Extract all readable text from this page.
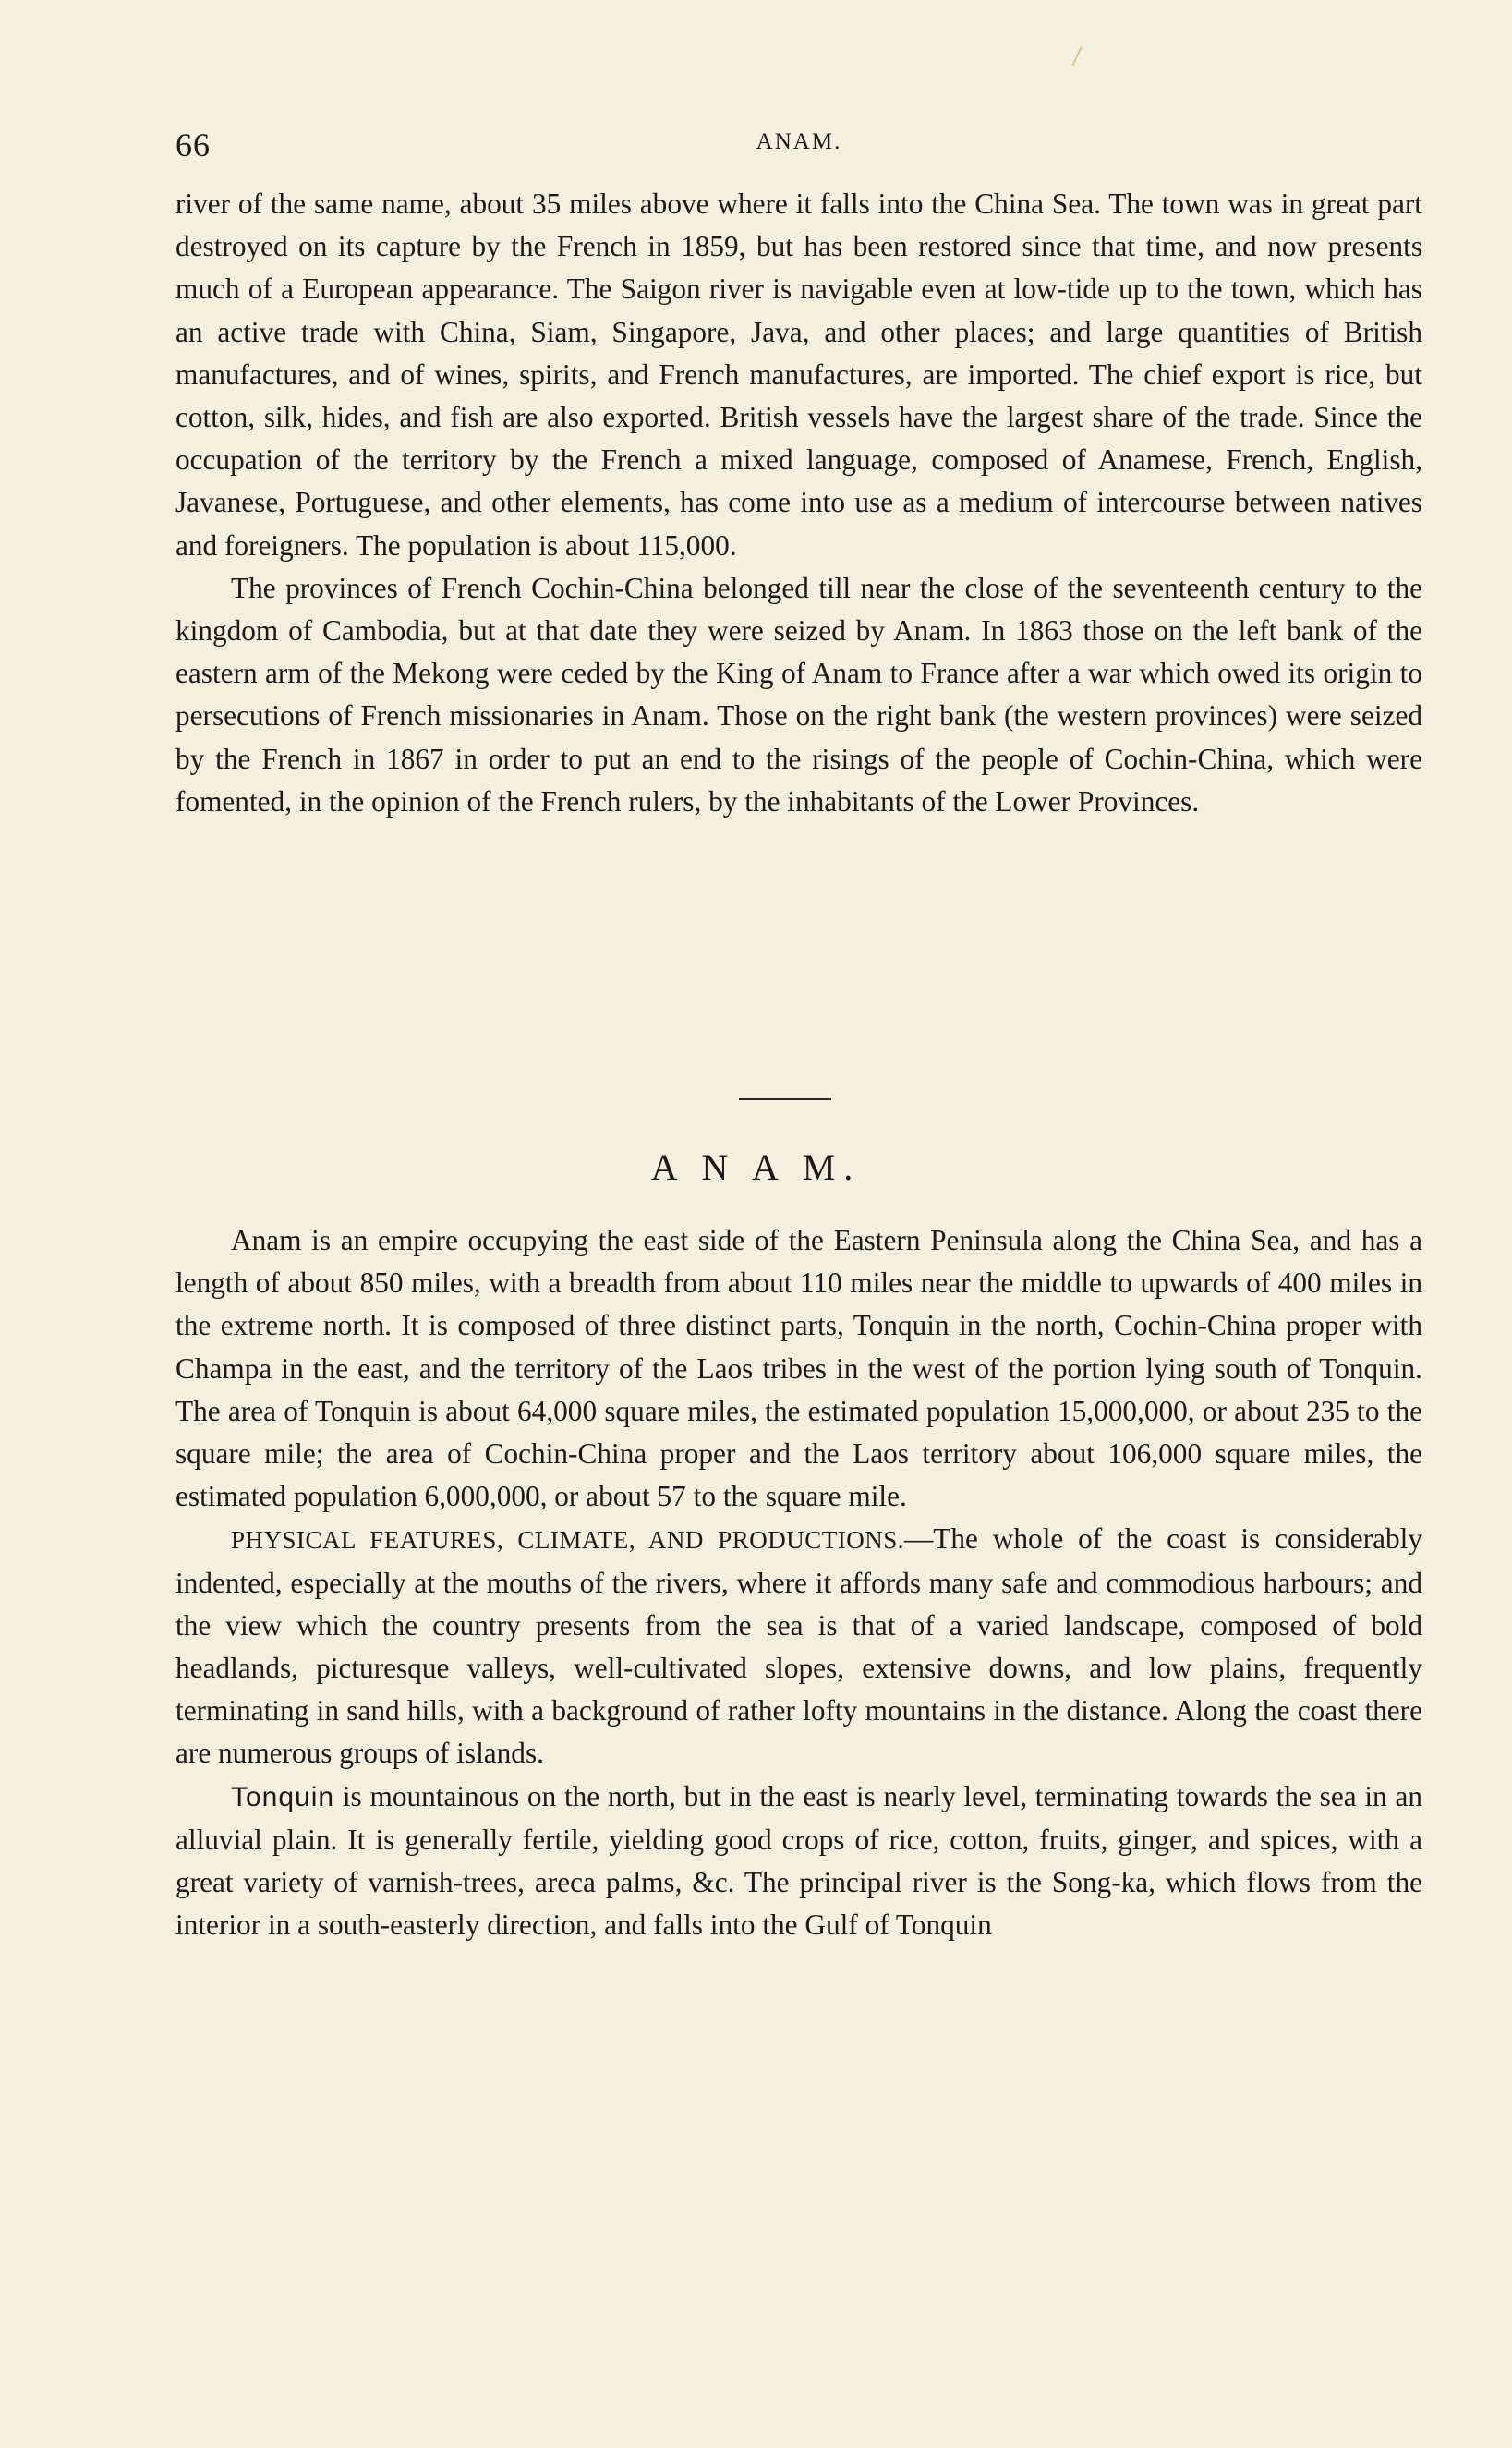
66	ANAM.

river of the same name, about 35 miles above where it falls into the China Sea. The town was in great part destroyed on its capture by the French in 1859, but has been restored since that time, and now presents much of a European appearance. The Saigon river is navigable even at low-tide up to the town, which has an active trade with China, Siam, Singapore, Java, and other places; and large quantities of British manufactures, and of wines, spirits, and French manufactures, are imported. The chief export is rice, but cotton, silk, hides, and fish are also exported. British vessels have the largest share of the trade. Since the occupation of the territory by the French a mixed language, composed of Anamese, French, English, Javanese, Portuguese, and other elements, has come into use as a medium of intercourse between natives and foreigners. The population is about 115,000.

The provinces of French Cochin-China belonged till near the close of the seventeenth century to the kingdom of Cambodia, but at that date they were seized by Anam. In 1863 those on the left bank of the eastern arm of the Mekong were ceded by the King of Anam to France after a war which owed its origin to persecutions of French missionaries in Anam. Those on the right bank (the western provinces) were seized by the French in 1867 in order to put an end to the risings of the people of Cochin-China, which were fomented, in the opinion of the French rulers, by the inhabitants of the Lower Provinces.

A N A M.

Anam is an empire occupying the east side of the Eastern Peninsula along the China Sea, and has a length of about 850 miles, with a breadth from about 110 miles near the middle to upwards of 400 miles in the extreme north. It is composed of three distinct parts, Tonquin in the north, Cochin-China proper with Champa in the east, and the territory of the Laos tribes in the west of the portion lying south of Tonquin. The area of Tonquin is about 64,000 square miles, the estimated population 15,000,000, or about 235 to the square mile; the area of Cochin-China proper and the Laos territory about 106,000 square miles, the estimated population 6,000,000, or about 57 to the square mile.

PHYSICAL FEATURES, CLIMATE, AND PRODUCTIONS.—The whole of the coast is considerably indented, especially at the mouths of the rivers, where it affords many safe and commodious harbours; and the view which the country presents from the sea is that of a varied landscape, composed of bold headlands, picturesque valleys, well-cultivated slopes, extensive downs, and low plains, frequently terminating in sand hills, with a background of rather lofty mountains in the distance. Along the coast there are numerous groups of islands.

Tonquin is mountainous on the north, but in the east is nearly level, terminating towards the sea in an alluvial plain. It is generally fertile, yielding good crops of rice, cotton, fruits, ginger, and spices, with a great variety of varnish-trees, areca palms, &c. The principal river is the Song-ka, which flows from the interior in a south-easterly direction, and falls into the Gulf of Tonquin
